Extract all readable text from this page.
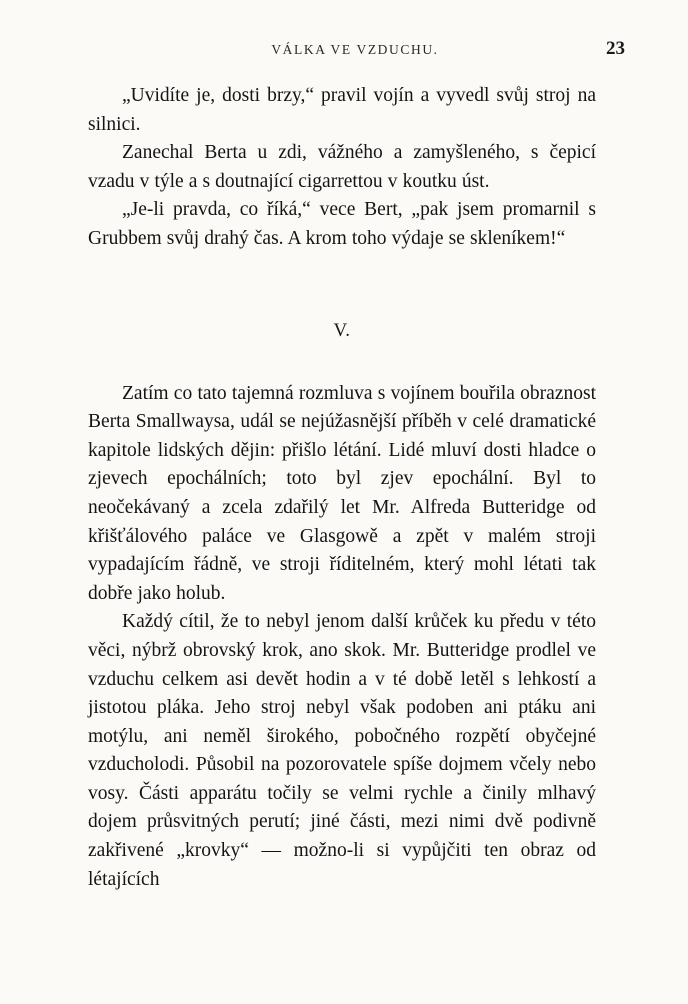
VÁLKA VE VZDUCHU.	23

„Uvidíte je, dosti brzy,“ pravil vojín a vyvedl svůj stroj na silnici.

Zanechal Berta u zdi, vážného a zamyšleného, s čepicí vzadu v týle a s doutnající cigarrettou v koutku úst.

„Je-li pravda, co říká,“ vece Bert, „pak jsem promarnil s Grubbem svůj drahý čas. A krom toho výdaje se skleníkem!“

V.

Zatím co tato tajemná rozmluva s vojínem bouřila obraznost Berta Smallwaysa, udál se nejúžasnější příběh v celé dramatické kapitole lidských dějin: přišlo létání. Lidé mluví dosti hladce o zjevech epochálních; toto byl zjev epochální. Byl to neočekávaný a zcela zdařilý let Mr. Alfreda Butteridge od křišťálového paláce ve Glasgowě a zpět v malém stroji vypadajícím řádně, ve stroji říditelném, který mohl létati tak dobře jako holub.

Každý cítil, že to nebyl jenom další krůček ku předu v této věci, nýbrž obrovský krok, ano skok. Mr. Butteridge prodlel ve vzduchu celkem asi devět hodin a v té době letěl s lehkostí a jistotou pláka. Jeho stroj nebyl však podoben ani ptáku ani motýlu, ani neměl širokého, pobočného rozpětí obyčejné vzducholodi. Působil na pozorovatele spíše dojmem včely nebo vosy. Části apparátu točily se velmi rychle a činily mlhavý dojem průsvitných perutí; jiné části, mezi nimi dvě podivně zakřivené „krovky“ — možno-li si vypůjčiti ten obraz od létajících
